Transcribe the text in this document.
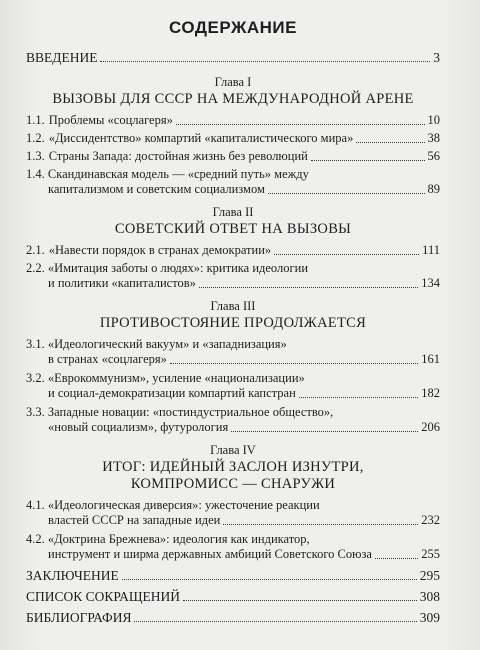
СОДЕРЖАНИЕ
ВВЕДЕНИЕ	3
Глава I
ВЫЗОВЫ ДЛЯ СССР НА МЕЖДУНАРОДНОЙ АРЕНЕ
1.1. Проблемы «соцлагеря»	10
1.2. «Диссидентство» компартий «капиталистического мира»	38
1.3. Страны Запада: достойная жизнь без революций	56
1.4. Скандинавская модель — «средний путь» между
капитализмом и советским социализмом	89
Глава II
СОВЕТСКИЙ ОТВЕТ НА ВЫЗОВЫ
2.1. «Навести порядок в странах демократии»	111
2.2. «Имитация заботы о людях»: критика идеологии
и политики «капиталистов»	134
Глава III
ПРОТИВОСТОЯНИЕ ПРОДОЛЖАЕТСЯ
3.1. «Идеологический вакуум» и «западнизация»
в странах «соцлагеря»	161
3.2. «Еврокоммунизм», усиление «национализации»
и социал-демократизации компартий капстран	182
3.3. Западные новации: «постиндустриальное общество»,
«новый социализм», футурология	206
Глава IV
ИТОГ: ИДЕЙНЫЙ ЗАСЛОН ИЗНУТРИ,
КОМПРОМИСС — СНАРУЖИ
4.1. «Идеологическая диверсия»: ужесточение реакции
властей СССР на западные идеи	232
4.2. «Доктрина Брежнева»: идеология как индикатор,
инструмент и ширма державных амбиций Советского Союза	255
ЗАКЛЮЧЕНИЕ	295
СПИСОК СОКРАЩЕНИЙ	308
БИБЛИОГРАФИЯ	309
